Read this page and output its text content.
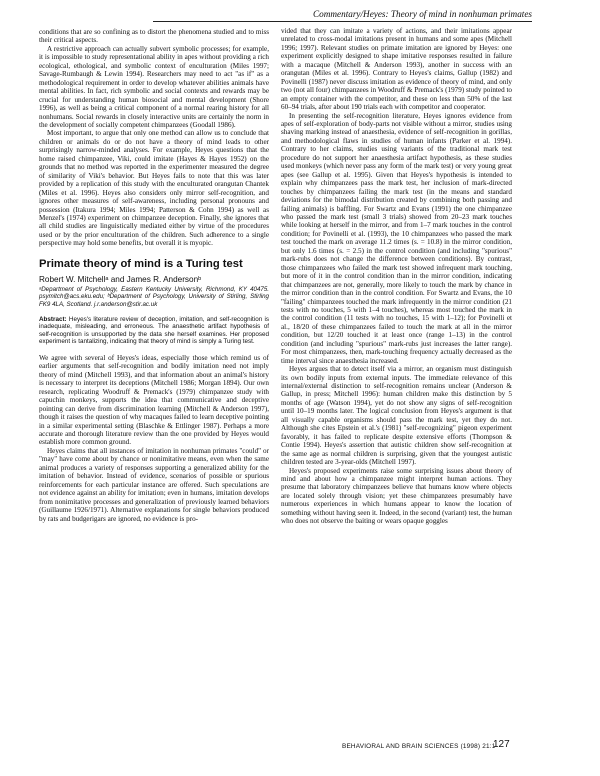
Commentary/Heyes: Theory of mind in nonhuman primates

conditions that are so confining as to distort the phenomena studied and to miss their critical aspects.

A restrictive approach can actually subvert symbolic processes; for example, it is impossible to study representational ability in apes without providing a rich ecological, ethological, and symbolic context of enculturation (Miles 1997; Savage-Rumbaugh & Lewin 1994). Researchers may need to act "as if" as a methodological requirement in order to develop whatever abilities animals have mental abilities. In fact, rich symbolic and social contexts and rewards may be crucial for understanding human biosocial and mental development (Shore 1996), as well as being a critical component of a normal rearing history for all nonhumans. Social rewards in closely interactive units are certainly the norm in the development of socially competent chimpanzees (Goodall 1986).

Most important, to argue that only one method can allow us to conclude that children or animals do or do not have a theory of mind leads to other surprisingly narrow-minded analyses. For example, Heyes questions that the home raised chimpanzee, Viki, could imitate (Hayes & Hayes 1952) on the grounds that no method was reported in the experimenter measured the degree of similarity of Viki's behavior. But Heyes fails to note that this was later provided by a replication of this study with the enculturated orangutan Chantek (Miles et al. 1996). Heyes also considers only mirror self-recognition, and ignores other measures of self-awareness, including personal pronouns and possession (Itakura 1994; Miles 1994; Patterson & Cohn 1994) as well as Menzel's (1974) experiment on chimpanzee deception. Finally, she ignores that all child studies are linguistically mediated either by virtue of the procedures used or by the prior enculturation of the children. Such adherence to a single perspective may hold some benefits, but overall it is myopic.

Primate theory of mind is a Turing test
Robert W. Mitchellᵃ and James R. Andersonᵇ
ᵃDepartment of Psychology, Eastern Kentucky University, Richmond, KY 40475. psymitch@acs.eku.edu; ᵇDepartment of Psychology, University of Stirling, Stirling FK9 4LA, Scotland. j.r.anderson@stir.ac.uk
Abstract: Heyes's literature review of deception, imitation, and self-recognition is inadequate, misleading, and erroneous. The anaesthetic artifact hypothesis of self-recognition is unsupported by the data she herself examines. Her proposed experiment is tantalizing, indicating that theory of mind is simply a Turing test.

We agree with several of Heyes's ideas, especially those which remind us of earlier arguments that self-recognition and bodily imitation need not imply theory of mind (Mitchell 1993), and that information about an animal's history is necessary to interpret its deceptions (Mitchell 1986; Morgan 1894). Our own research, replicating Woodruff & Premack's (1979) chimpanzee study with capuchin monkeys, supports the idea that communicative and deceptive pointing can derive from discrimination learning (Mitchell & Anderson 1997), though it raises the question of why macaques failed to learn deceptive pointing in a similar experimental setting (Blaschke & Ettlinger 1987). Perhaps a more accurate and thorough literature review than the one provided by Heyes would establish more common ground.

Heyes claims that all instances of imitation in nonhuman primates "could" or "may" have come about by chance or nonimitative means, even when the same animal produces a variety of responses supporting a generalized ability for the imitation of behavior. Instead of evidence, scenarios of possible or spurious reinforcements for each particular instance are offered. Such speculations are not evidence against an ability for imitation; even in humans, imitation develops from nonimitative processes and generalization of previously learned behaviors (Guillaume 1926/1971). Alternative explanations for single behaviors produced by rats and budgerigars are ignored, no evidence is pro-

vided that they can imitate a variety of actions, and their imitations appear unrelated to cross-modal imitations present in humans and some apes (Mitchell 1996; 1997). Relevant studies on primate imitation are ignored by Heyes: one experiment explicitly designed to shape imitative responses resulted in failure with a macaque (Mitchell & Anderson 1993), another in success with an orangutan (Miles et al. 1996). Contrary to Heyes's claims, Gallup (1982) and Povinelli (1987) never discuss imitation as evidence of theory of mind, and only two (not all four) chimpanzees in Woodruff & Premack's (1979) study pointed to an empty container with the competitor, and these on less than 50% of the last 60–94 trials, after about 190 trials each with competitor and cooperator.

In presenting the self-recognition literature, Heyes ignores evidence from apes of self-exploration of body-parts not visible without a mirror, studies using shaving marking instead of anaesthesia, evidence of self-recognition in gorillas, and methodological flaws in studies of human infants (Parker et al. 1994). Contrary to her claims, studies using variants of the traditional mark test procedure do not support her anaesthesia artifact hypothesis, as these studies used monkeys (which never pass any form of the mark test) or very young great apes (see Gallup et al. 1995). Given that Heyes's hypothesis is intended to explain why chimpanzees pass the mark test, her inclusion of mark-directed touches by chimpanzees failing the mark test (in the means and standard deviations for the bimodal distribution created by combining both passing and failing animals) is baffling. For Swartz and Evans (1991) the one chimpanzee who passed the mark test (small 3 trials) showed from 20–23 mark touches while looking at herself in the mirror, and from 1–7 mark touches in the control condition; for Povinelli et al. (1993), the 10 chimpanzees who passed the mark test touched the mark on average 11.2 times (s. = 10.8) in the mirror condition, but only 1.6 times (s. = 2.5) in the control condition (and including "spurious" mark-rubs does not change the difference between conditions). By contrast, those chimpanzees who failed the mark test showed infrequent mark touching, but more of it in the control condition than in the mirror condition, indicating that chimpanzees are not, generally, more likely to touch the mark by chance in the mirror condition than in the control condition. For Swartz and Evans, the 10 "failing" chimpanzees touched the mark infrequently in the mirror condition (21 tests with no touches, 5 with 1–4 touches), whereas most touched the mark in the control condition (11 tests with no touches, 15 with 1–12); for Povinelli et al., 18/20 of these chimpanzees failed to touch the mark at all in the mirror condition, but 12/20 touched it at least once (range 1–13) in the control condition (and including "spurious" mark-rubs just increases the latter range). For most chimpanzees, then, mark-touching frequency actually decreased as the time interval since anaesthesia increased.

Heyes argues that to detect itself via a mirror, an organism must distinguish its own bodily inputs from external inputs. The immediate relevance of this internal/external distinction to self-recognition remains unclear (Anderson & Gallup, in press; Mitchell 1996): human children make this distinction by 5 months of age (Watson 1994), yet do not show any signs of self-recognition until 10–19 months later. The logical conclusion from Heyes's argument is that all visually capable organisms should pass the mark test, yet they do not. Although she cites Epstein et al.'s (1981) "self-recognizing" pigeon experiment favorably, it has failed to replicate despite extensive efforts (Thompson & Contie 1994). Heyes's assertion that autistic children show self-recognition at the same age as normal children is surprising, given that the youngest autistic children tested are 3-year-olds (Mitchell 1997).

Heyes's proposed experiments raise some surprising issues about theory of mind and about how a chimpanzee might interpret human actions. They presume that laboratory chimpanzees believe that humans know where objects are located solely through vision; yet these chimpanzees presumably have numerous experiences in which humans appear to know the location of something without having seen it. Indeed, in the second (variant) test, the human who does not observe the baiting or wears opaque goggles

BEHAVIORAL AND BRAIN SCIENCES (1998) 21:1
127
